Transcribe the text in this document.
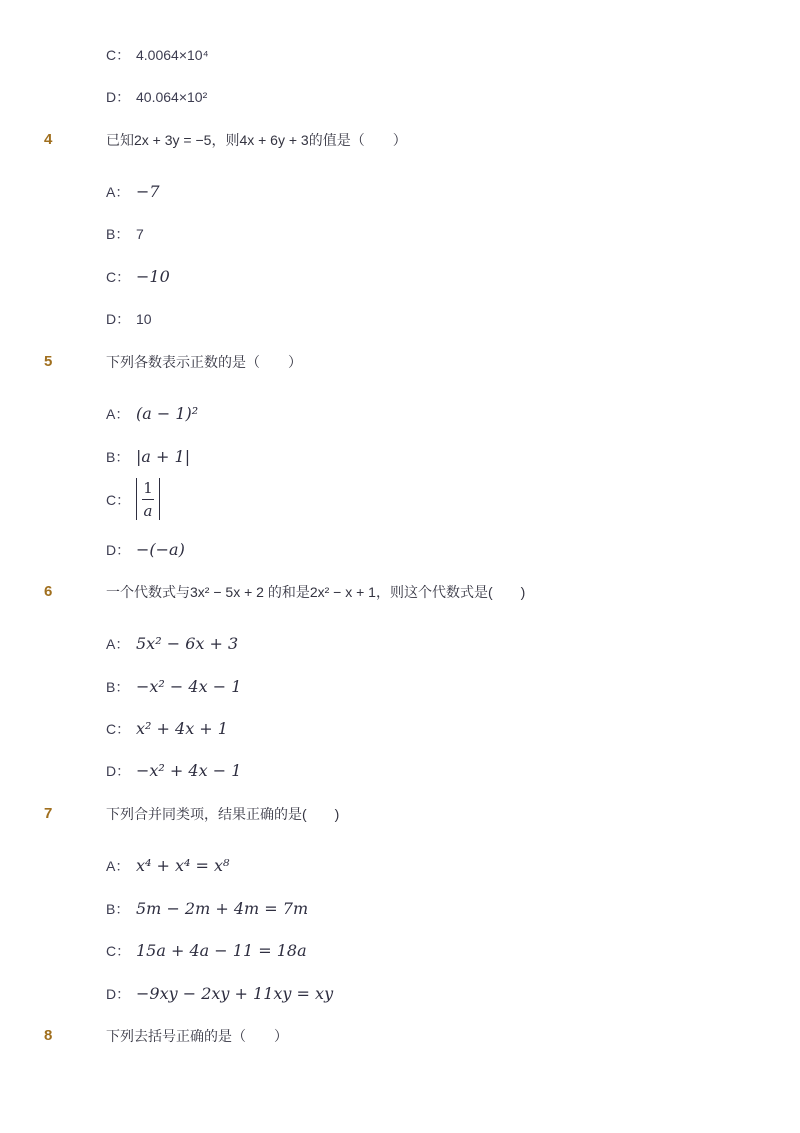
C： 4.0064×10⁴
D： 40.064×10²
4	已知2x + 3y = −5，则4x + 6y + 3的值是（　　）
A： −7
B： 7
C： −10
D： 10
5	下列各数表示正数的是（　　）
A： (a − 1)²
B： |a + 1|
C： $\frac{1}{a}$
D： −(−a)
6	一个代数式与3x² − 5x + 2 的和是2x² − x + 1，则这个代数式是(　　)
A： 5x² − 6x + 3
B： −x² − 4x − 1
C： x² + 4x + 1
D： −x² + 4x − 1
7	下列合并同类项，结果正确的是(　　)
A： x⁴ + x⁴ = x⁸
B： 5m − 2m + 4m = 7m
C： 15a + 4a − 11 = 18a
D： −9xy − 2xy + 11xy = xy
8	下列去括号正确的是（　　）
